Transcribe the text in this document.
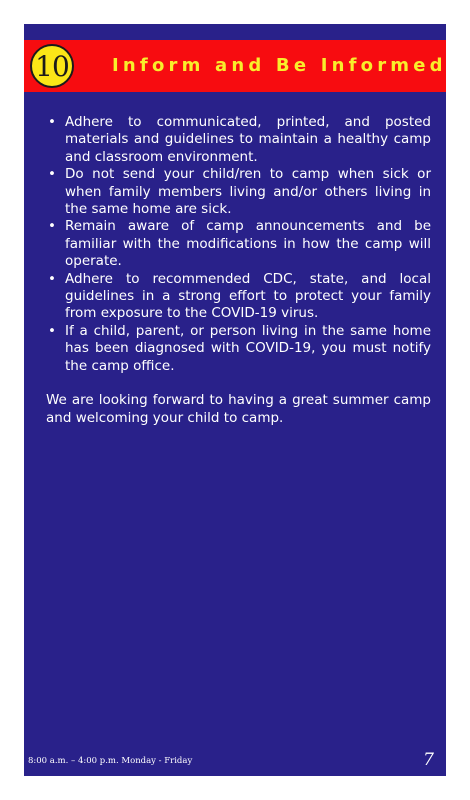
10 Inform and Be Informed
• Adhere to communicated, printed, and posted materials and guidelines to maintain a healthy camp and classroom environment.
• Do not send your child/ren to camp when sick or when family members living and/or others living in the same home are sick.
• Remain aware of camp announcements and be familiar with the modifications in how the camp will operate.
• Adhere to recommended CDC, state, and local guidelines in a strong effort to protect your family from exposure to the COVID-19 virus.
• If a child, parent, or person living in the same home has been diagnosed with COVID-19, you must notify the camp office.

We are looking forward to having a great summer camp and welcoming your child to camp.

8:00 a.m. – 4:00 p.m. Monday - Friday	7
